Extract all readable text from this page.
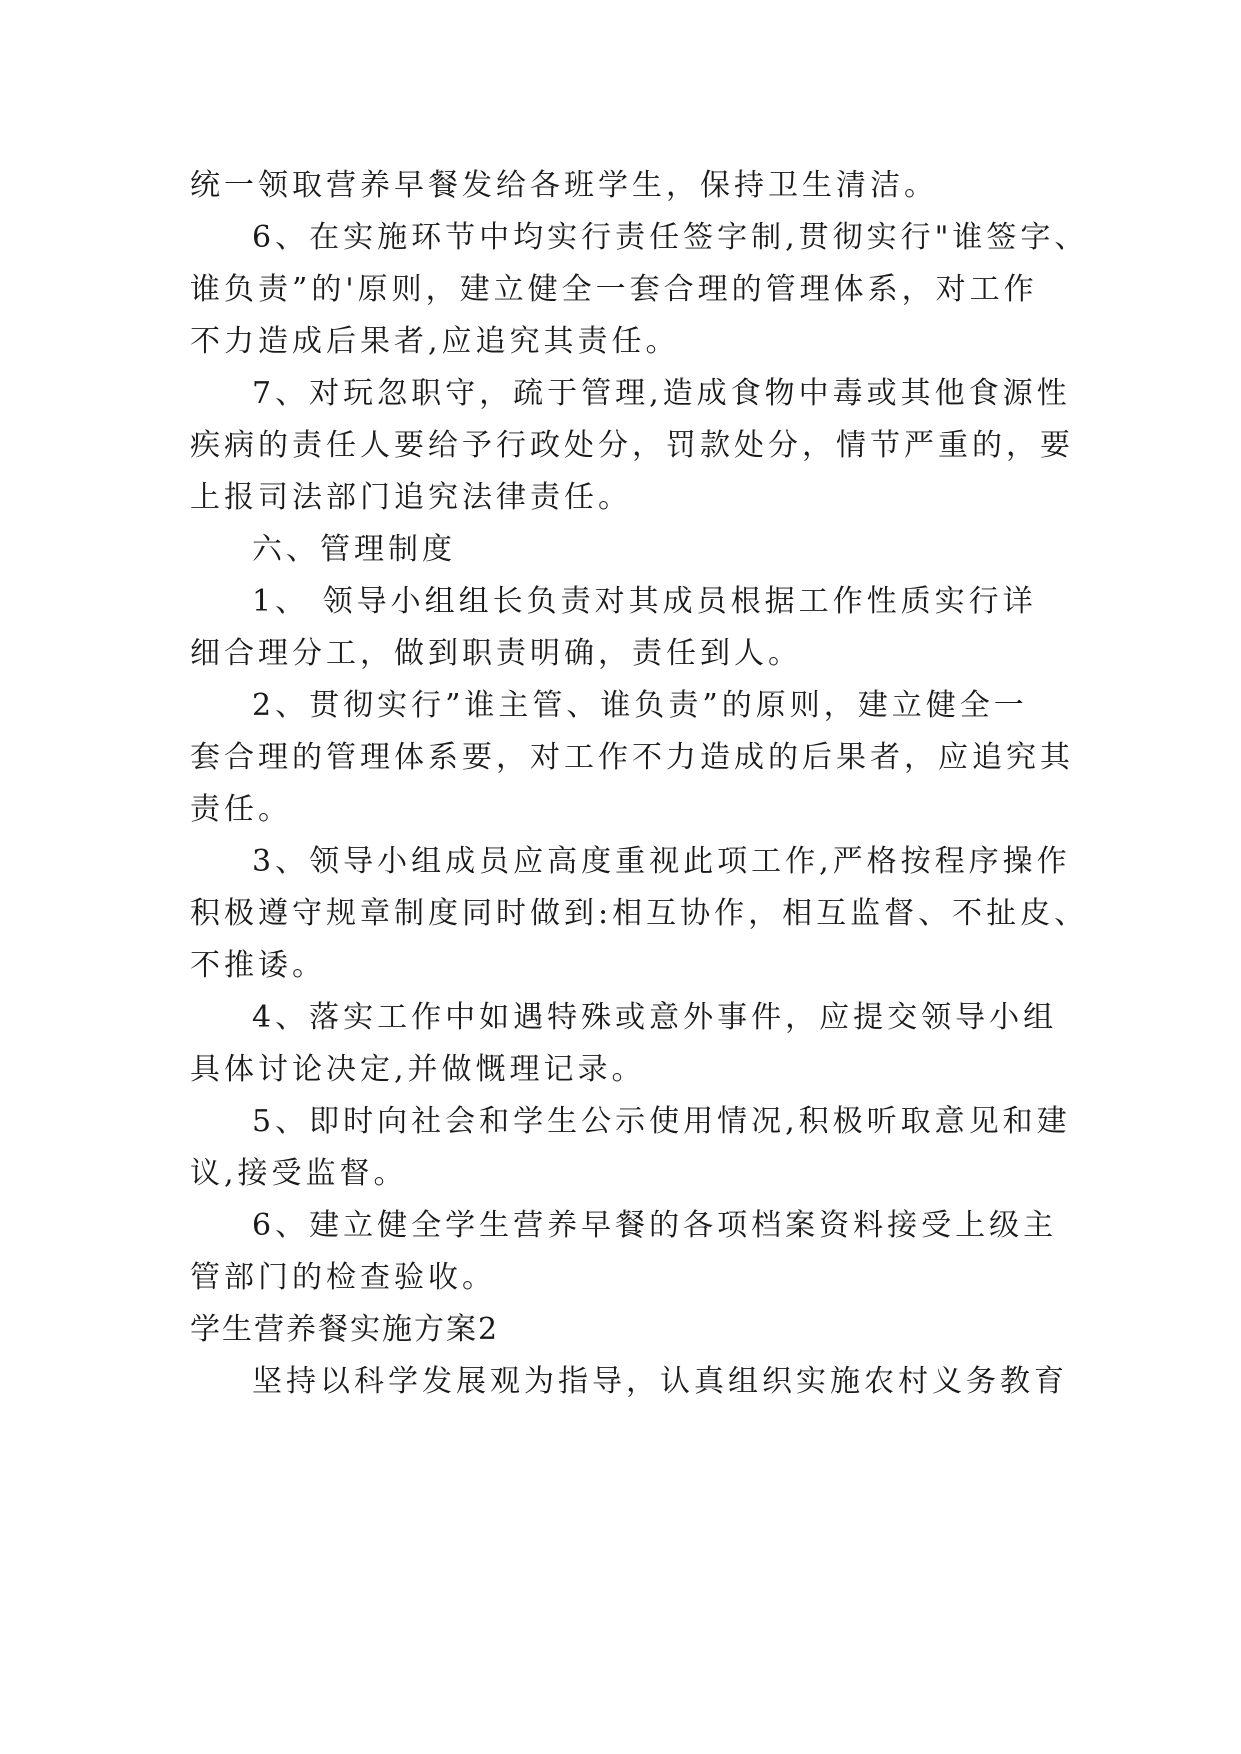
统一领取营养早餐发给各班学生，保持卫生清洁。
6、在实施环节中均实行责任签字制,贯彻实行"谁签字、
谁负责”的'原则，建立健全一套合理的管理体系，对工作
不力造成后果者,应追究其责任。
7、对玩忽职守，疏于管理,造成食物中毒或其他食源性
疾病的责任人要给予行政处分，罚款处分，情节严重的，要
上报司法部门追究法律责任。
六、管理制度
1、 领导小组组长负责对其成员根据工作性质实行详
细合理分工，做到职责明确，责任到人。
2、贯彻实行”谁主管、谁负责”的原则，建立健全一
套合理的管理体系要，对工作不力造成的后果者，应追究其
责任。
3、领导小组成员应高度重视此项工作,严格按程序操作
积极遵守规章制度同时做到:相互协作，相互监督、不扯皮、
不推诿。
4、落实工作中如遇特殊或意外事件，应提交领导小组
具体讨论决定,并做慨理记录。
5、即时向社会和学生公示使用情况,积极听取意见和建
议,接受监督。
6、建立健全学生营养早餐的各项档案资料接受上级主
管部门的检查验收。
学生营养餐实施方案2
坚持以科学发展观为指导，认真组织实施农村义务教育
